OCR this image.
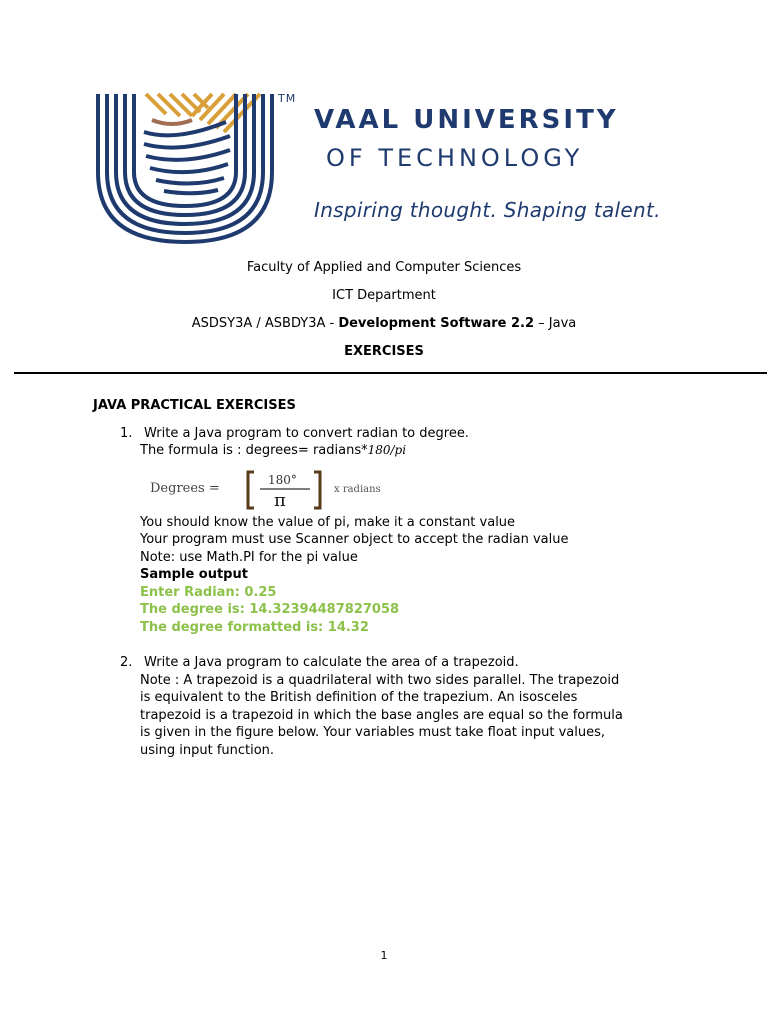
TM
VAAL UNIVERSITY
OF TECHNOLOGY
Inspiring thought. Shaping talent.
Faculty of Applied and Computer Sciences
ICT Department
ASDSY3A / ASBDY3A - Development Software 2.2 – Java
EXERCISES
JAVA PRACTICAL EXERCISES
1. Write a Java program to convert radian to degree.
The formula is : degrees= radians*180/pi
Degrees =
180°
π
x radians
You should know the value of pi, make it a constant value
Your program must use Scanner object to accept the radian value
Note: use Math.PI for the pi value
Sample output
Enter Radian: 0.25
The degree is: 14.32394487827058
The degree formatted is: 14.32
2. Write a Java program to calculate the area of a trapezoid.
Note : A trapezoid is a quadrilateral with two sides parallel. The trapezoid
is equivalent to the British definition of the trapezium. An isosceles
trapezoid is a trapezoid in which the base angles are equal so the formula
is given in the figure below. Your variables must take float input values,
using input function.
1
